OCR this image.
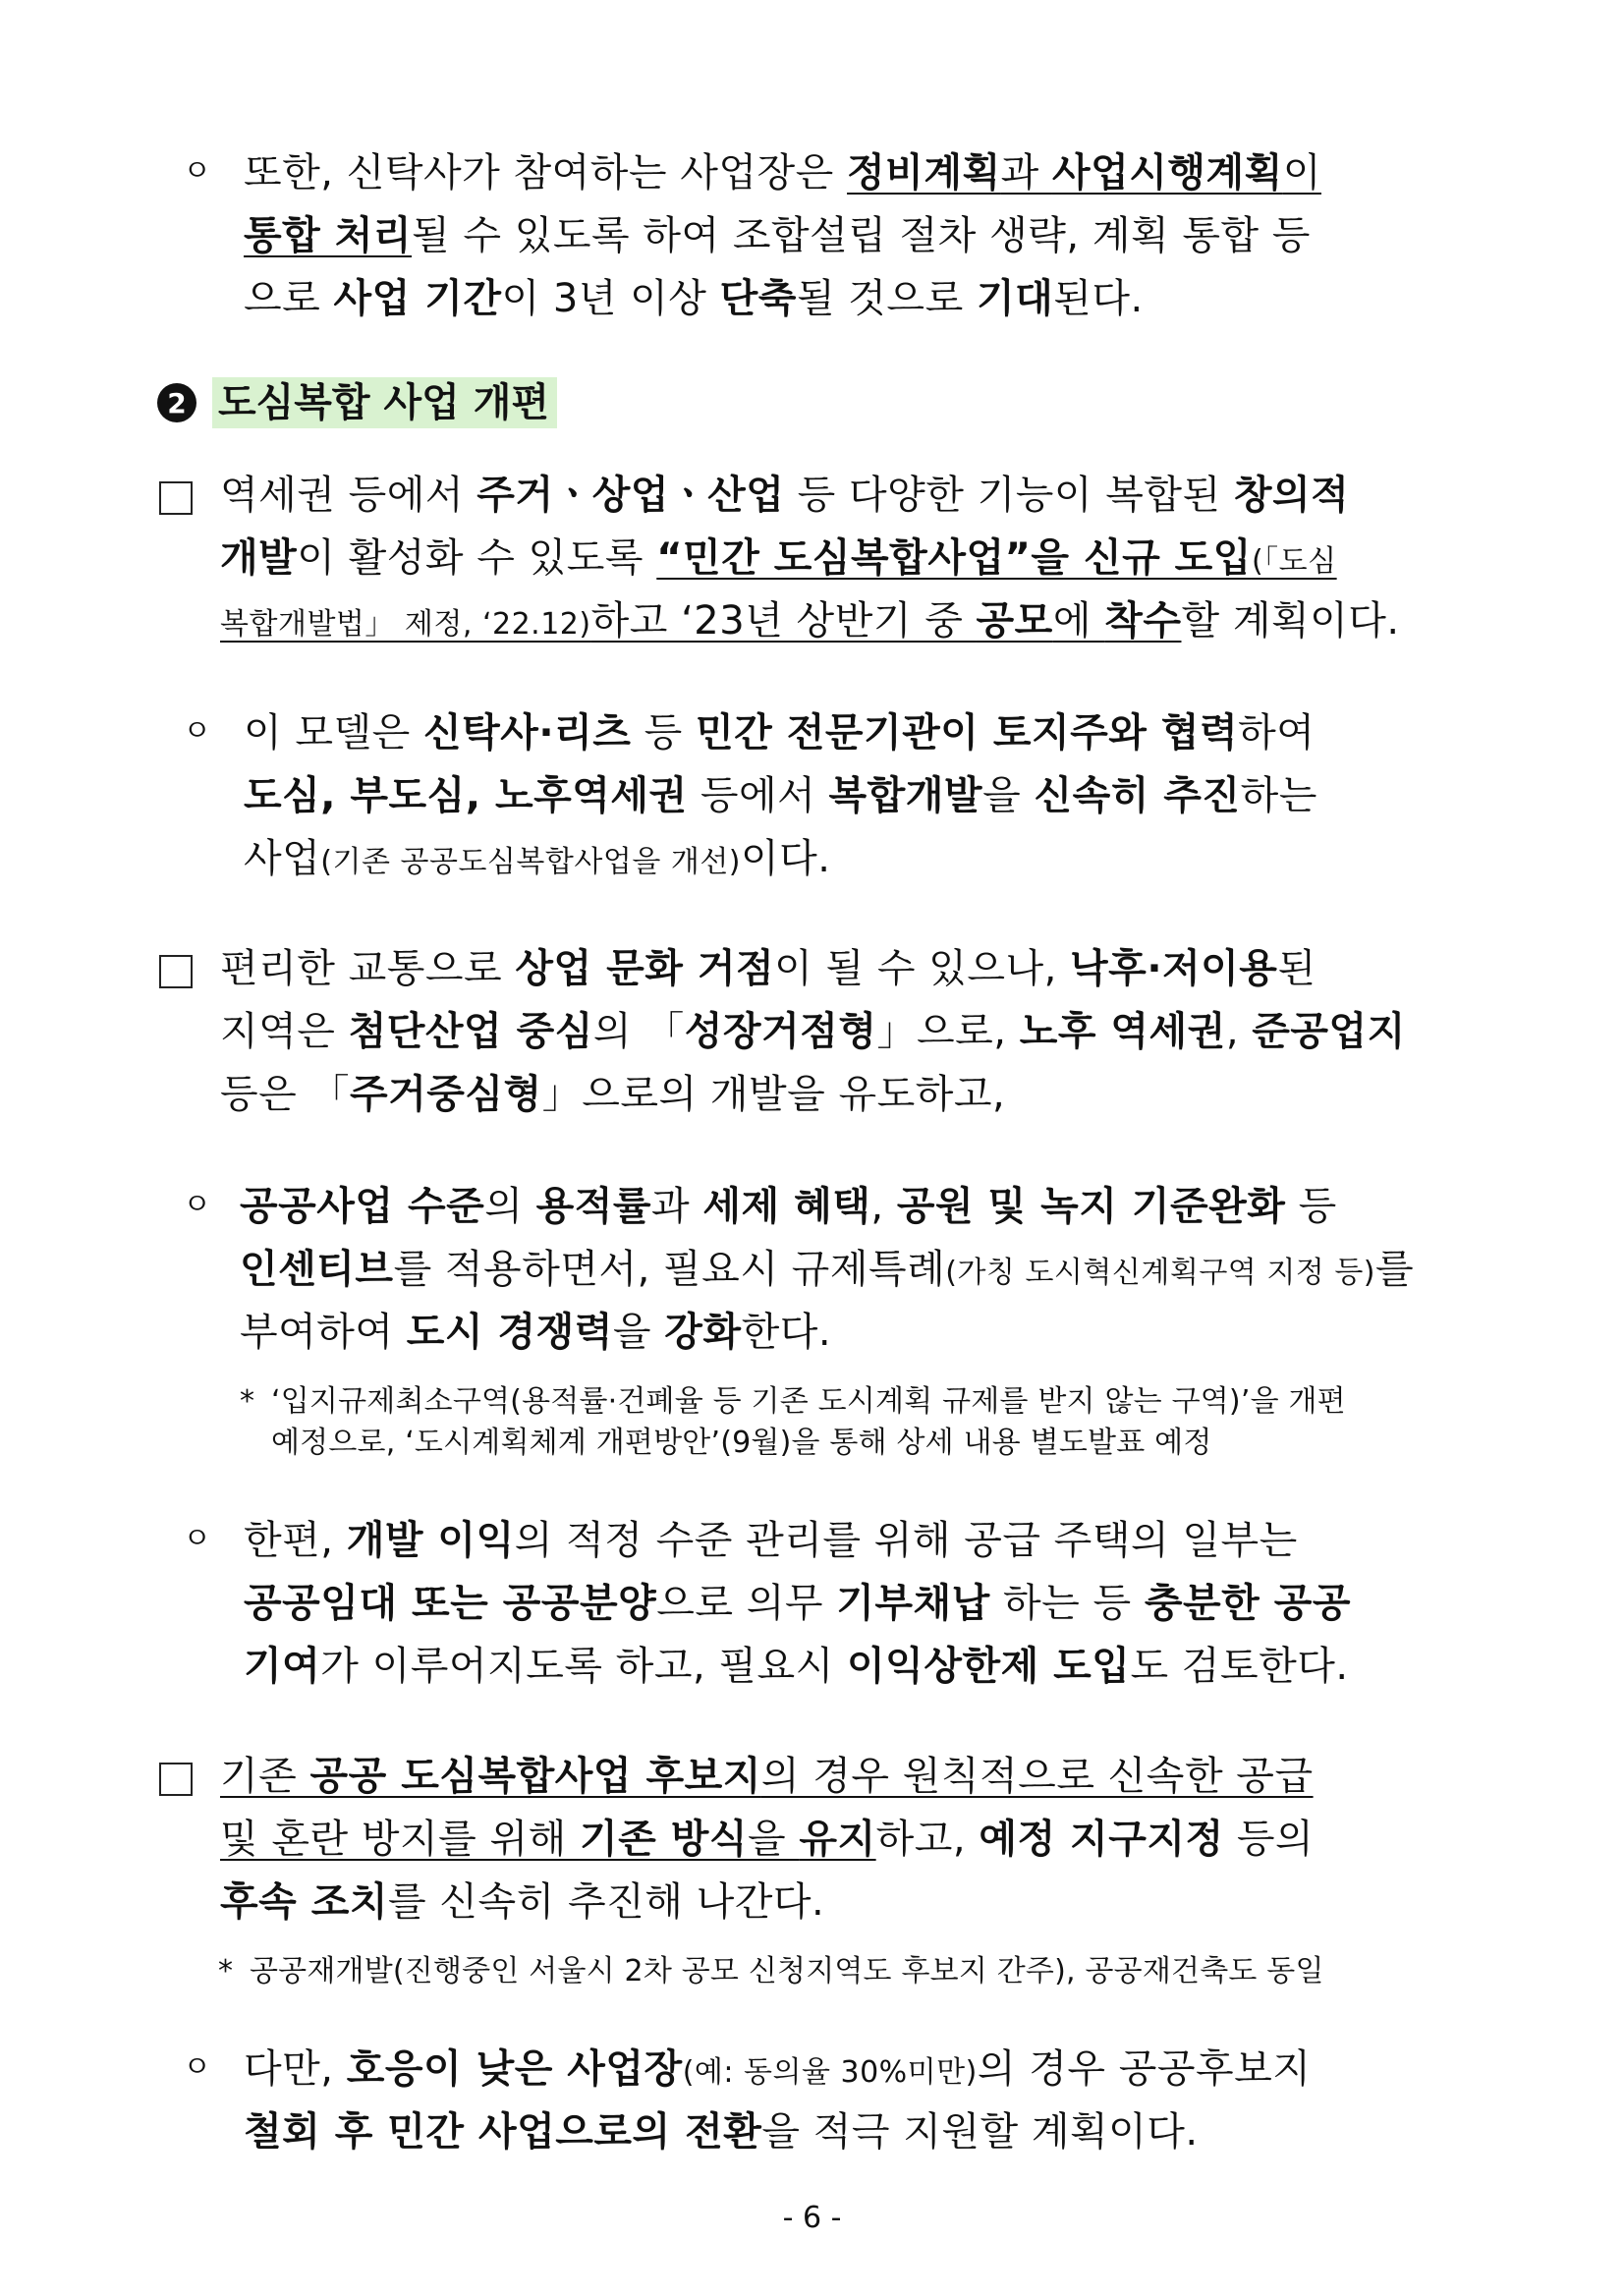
ㅇ 또한, 신탁사가 참여하는 사업장은 정비계획과 사업시행계획이
통합 처리될 수 있도록 하여 조합설립 절차 생략, 계획 통합 등
으로 사업 기간이 3년 이상 단축될 것으로 기대된다.
2 도심복합 사업 개편
역세권 등에서 주거ㆍ상업ㆍ산업 등 다양한 기능이 복합된 창의적
개발이 활성화 수 있도록 “민간 도심복합사업”을 신규 도입(「도심
복합개발법」 제정, ‘22.12)하고 ‘23년 상반기 중 공모에 착수할 계획이다.
ㅇ 이 모델은 신탁사·리츠 등 민간 전문기관이 토지주와 협력하여
도심, 부도심, 노후역세권 등에서 복합개발을 신속히 추진하는
사업(기존 공공도심복합사업을 개선)이다.
편리한 교통으로 상업 문화 거점이 될 수 있으나, 낙후·저이용된
지역은 첨단산업 중심의 「성장거점형」으로, 노후 역세권, 준공업지
등은 「주거중심형」으로의 개발을 유도하고,
ㅇ 공공사업 수준의 용적률과 세제 혜택, 공원 및 녹지 기준완화 등
인센티브를 적용하면서, 필요시 규제특례(가칭 도시혁신계획구역 지정 등)를
부여하여 도시 경쟁력을 강화한다.
* ‘입지규제최소구역(용적률·건폐율 등 기존 도시계획 규제를 받지 않는 구역)’을 개편
예정으로, ‘도시계획체계 개편방안’(9월)을 통해 상세 내용 별도발표 예정
ㅇ 한편, 개발 이익의 적정 수준 관리를 위해 공급 주택의 일부는
공공임대 또는 공공분양으로 의무 기부채납 하는 등 충분한 공공
기여가 이루어지도록 하고, 필요시 이익상한제 도입도 검토한다.
기존 공공 도심복합사업 후보지의 경우 원칙적으로 신속한 공급
및 혼란 방지를 위해 기존 방식을 유지하고, 예정 지구지정 등의
후속 조치를 신속히 추진해 나간다.
* 공공재개발(진행중인 서울시 2차 공모 신청지역도 후보지 간주), 공공재건축도 동일
ㅇ 다만, 호응이 낮은 사업장(예: 동의율 30%미만)의 경우 공공후보지
철회 후 민간 사업으로의 전환을 적극 지원할 계획이다.
- 6 -
